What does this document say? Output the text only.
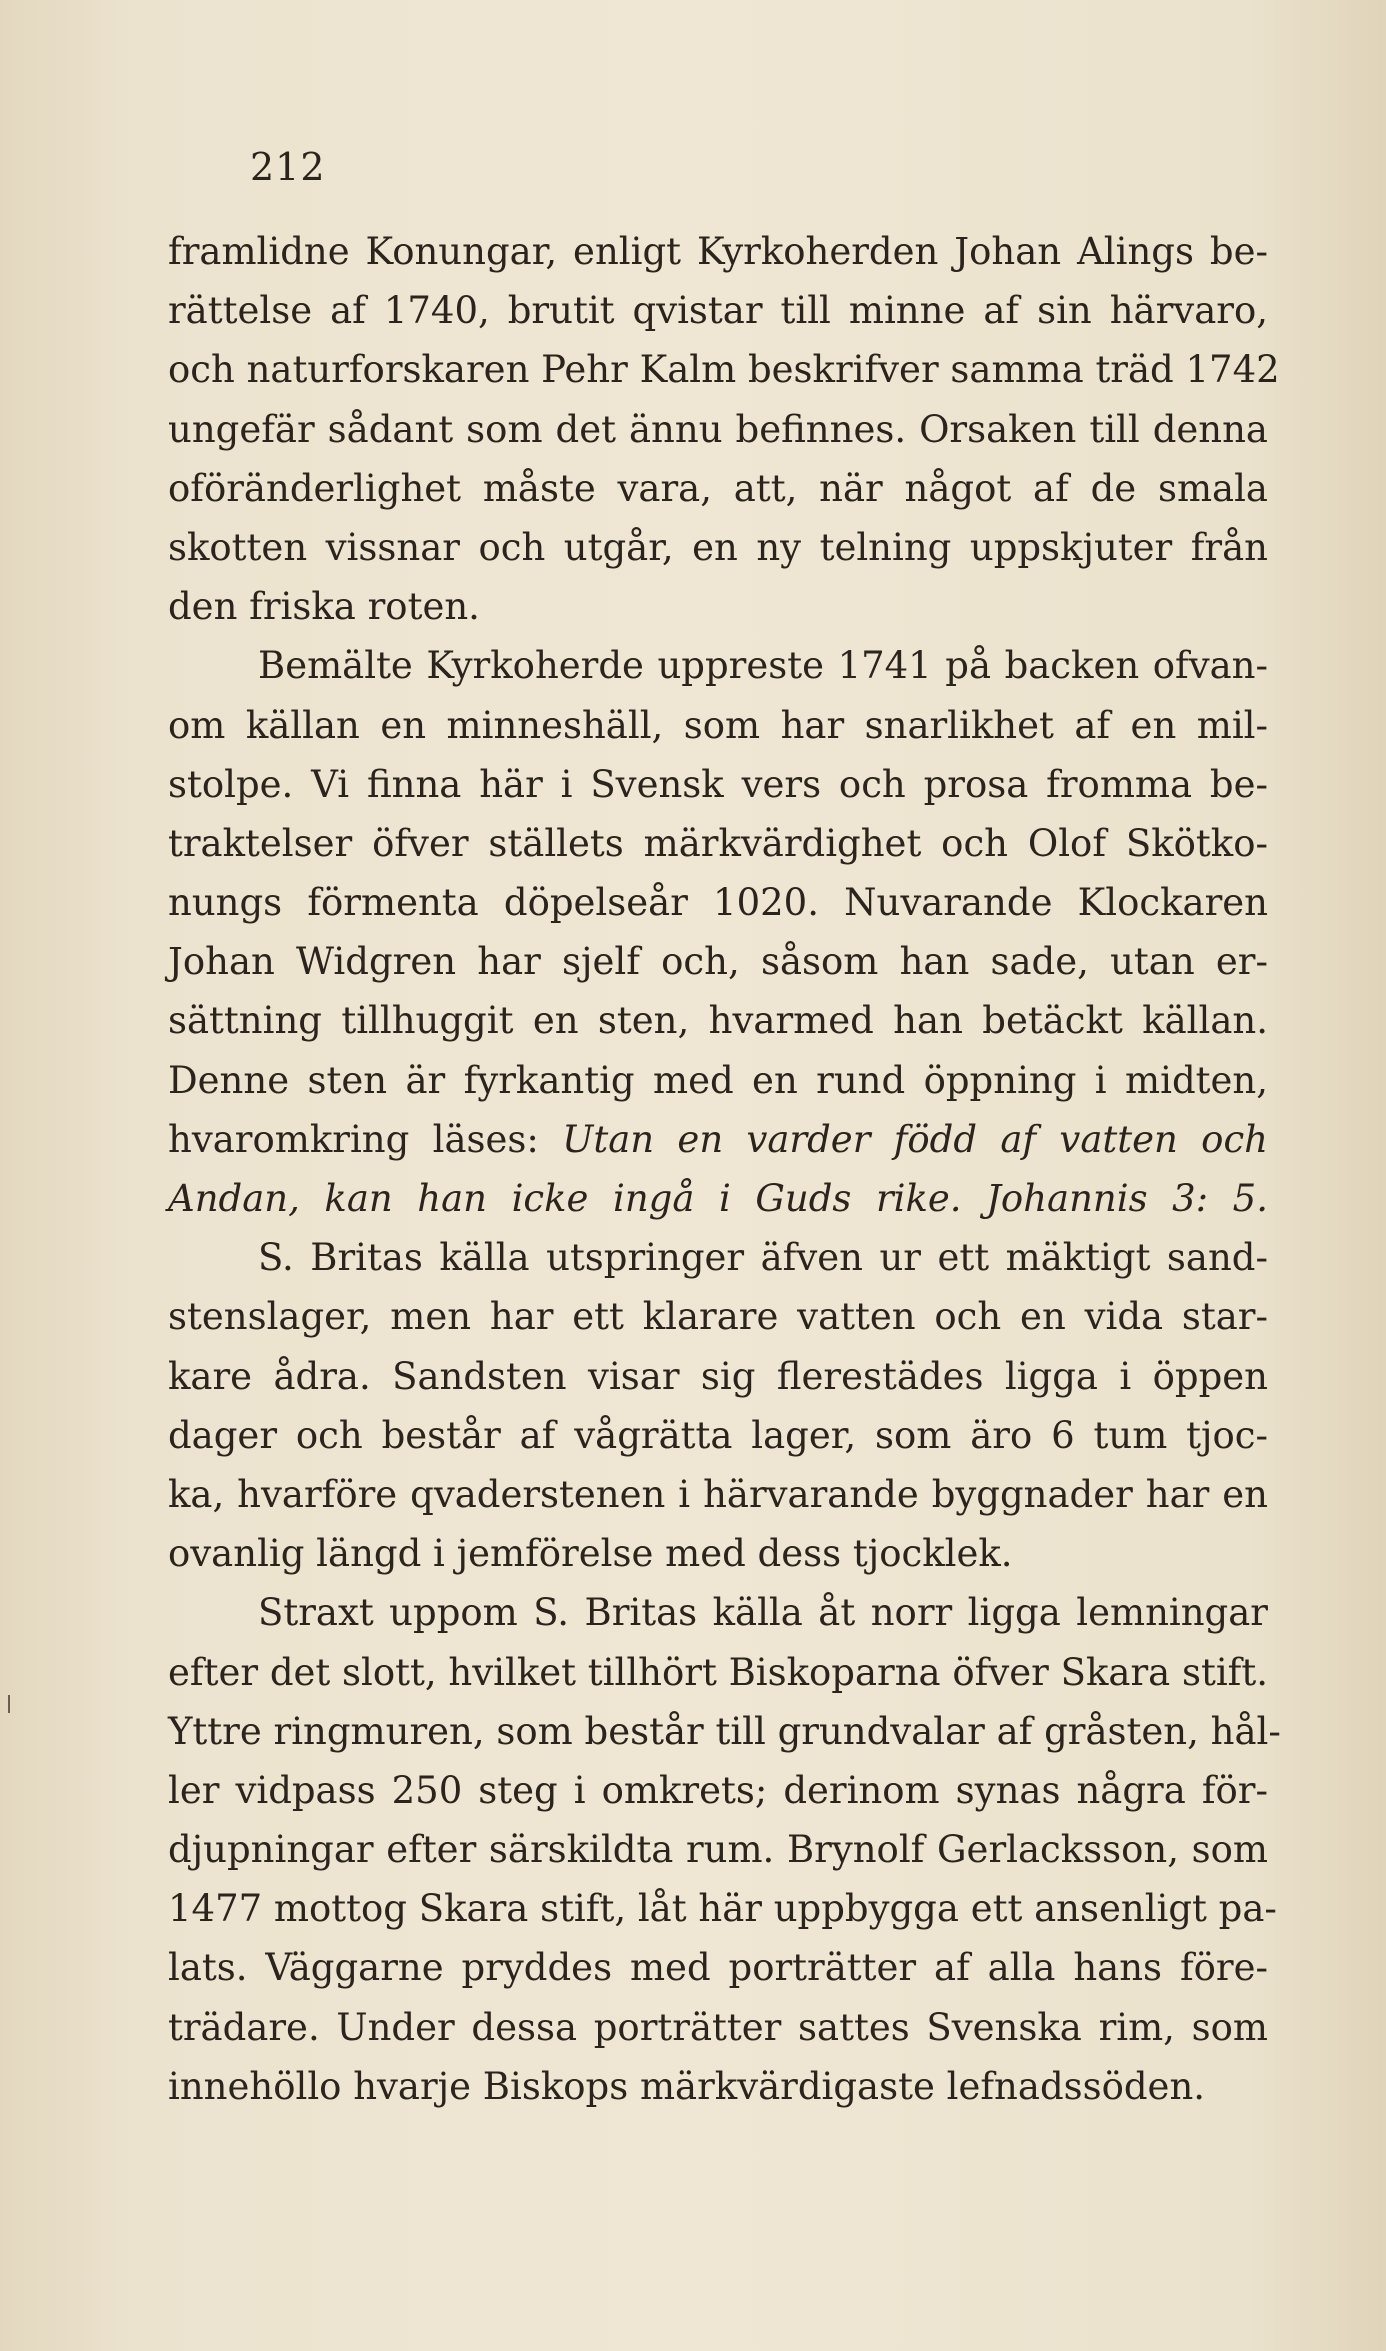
212
framlidne Konungar, enligt Kyrkoherden Johan Alings be-
rättelse af 1740, brutit qvistar till minne af sin härvaro,
och naturforskaren Pehr Kalm beskrifver samma träd 1742
ungefär sådant som det ännu befinnes. Orsaken till denna
oföränderlighet måste vara, att, när något af de smala
skotten vissnar och utgår, en ny telning uppskjuter från
den friska roten.
Bemälte Kyrkoherde uppreste 1741 på backen ofvan-
om källan en minneshäll, som har snarlikhet af en mil-
stolpe. Vi finna här i Svensk vers och prosa fromma be-
traktelser öfver ställets märkvärdighet och Olof Skötko-
nungs förmenta döpelseår 1020. Nuvarande Klockaren
Johan Widgren har sjelf och, såsom han sade, utan er-
sättning tillhuggit en sten, hvarmed han betäckt källan.
Denne sten är fyrkantig med en rund öppning i midten,
hvaromkring läses: Utan en varder född af vatten och
Andan, kan han icke ingå i Guds rike. Johannis 3: 5.
S. Britas källa utspringer äfven ur ett mäktigt sand-
stenslager, men har ett klarare vatten och en vida star-
kare ådra. Sandsten visar sig flerestädes ligga i öppen
dager och består af vågrätta lager, som äro 6 tum tjoc-
ka, hvarföre qvaderstenen i härvarande byggnader har en
ovanlig längd i jemförelse med dess tjocklek.
Straxt uppom S. Britas källa åt norr ligga lemningar
efter det slott, hvilket tillhört Biskoparna öfver Skara stift.
Yttre ringmuren, som består till grundvalar af gråsten, hål-
ler vidpass 250 steg i omkrets; derinom synas några för-
djupningar efter särskildta rum. Brynolf Gerlacksson, som
1477 mottog Skara stift, låt här uppbygga ett ansenligt pa-
lats. Väggarne pryddes med porträtter af alla hans före-
trädare. Under dessa porträtter sattes Svenska rim, som
innehöllo hvarje Biskops märkvärdigaste lefnadssöden.
